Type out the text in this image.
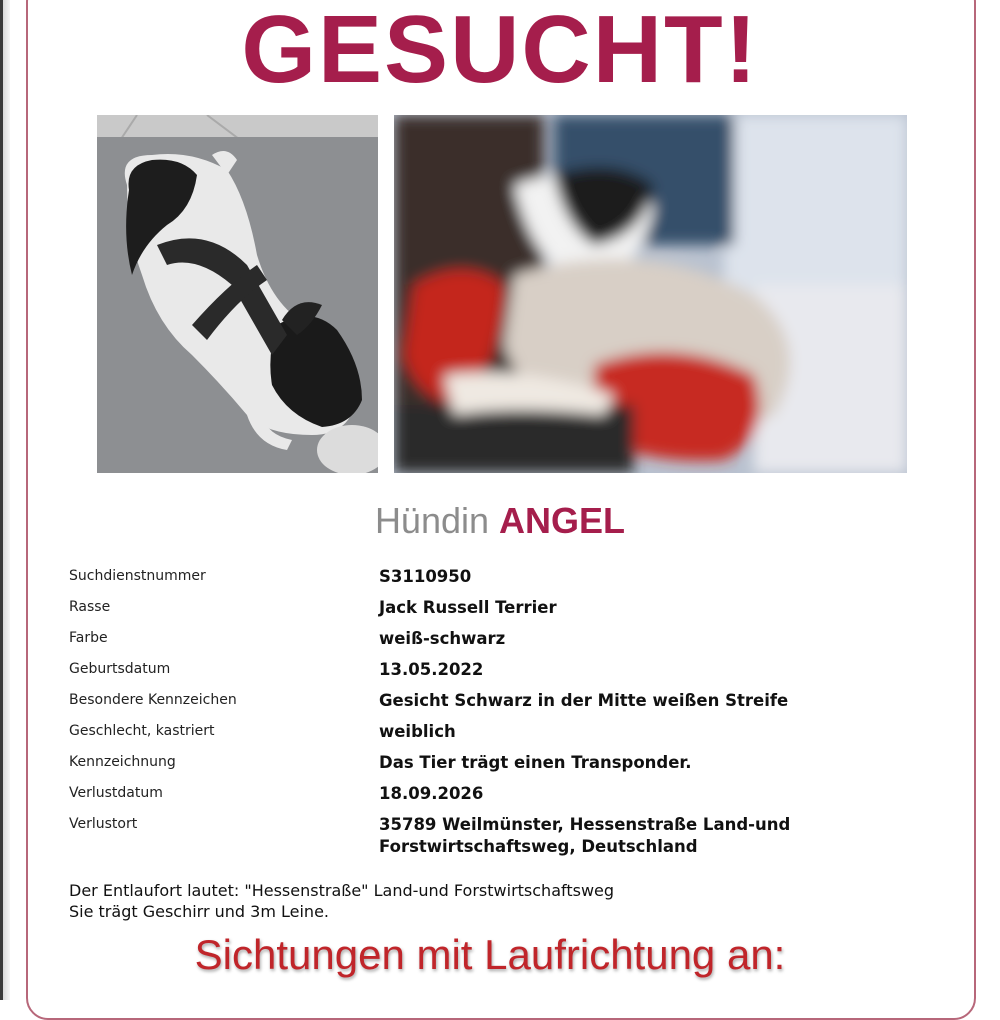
GESUCHT!
Hündin ANGEL
Suchdienstnummer	S3110950
Rasse	Jack Russell Terrier
Farbe	weiß-schwarz
Geburtsdatum	13.05.2022
Besondere Kennzeichen	Gesicht Schwarz in der Mitte weißen Streife
Geschlecht, kastriert	weiblich
Kennzeichnung	Das Tier trägt einen Transponder.
Verlustdatum	18.09.2026
Verlustort	35789 Weilmünster, Hessenstraße Land-und
Forstwirtschaftsweg, Deutschland
Der Entlaufort lautet: "Hessenstraße" Land-und Forstwirtschaftsweg
Sie trägt Geschirr und 3m Leine.
Sichtungen mit Laufrichtung an:
